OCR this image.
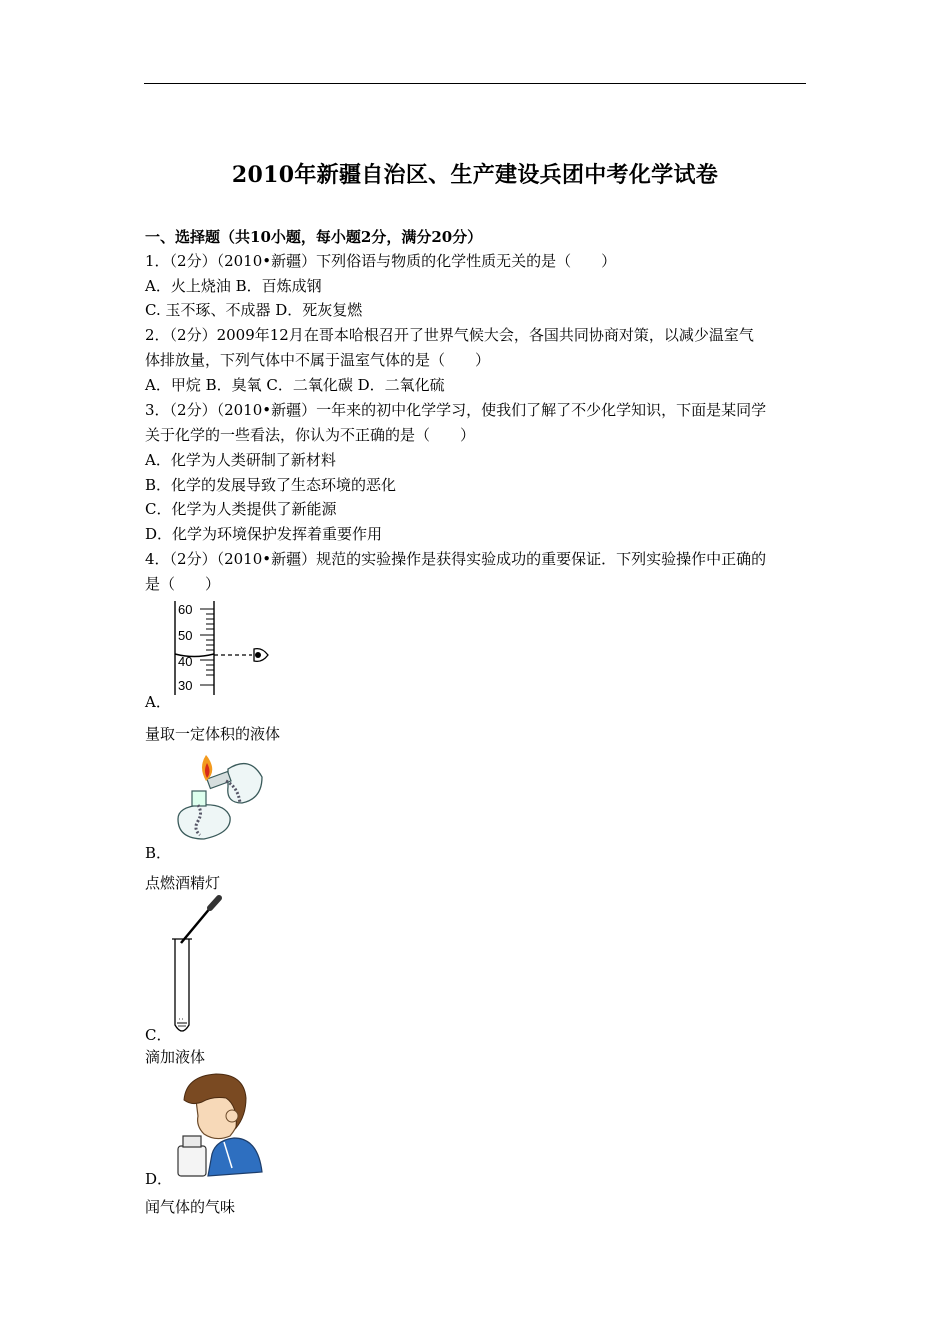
2010年新疆自治区、生产建设兵团中考化学试卷
一、选择题（共10小题，每小题2分，满分20分）
1．（2分）（2010•新疆）下列俗语与物质的化学性质无关的是（　　）
A．火上烧油 B．百炼成钢
C. 玉不琢、不成器 D．死灰复燃
2．（2分）2009年12月在哥本哈根召开了世界气候大会，各国共同协商对策，以减少温室气
体排放量，下列气体中不属于温室气体的是（　　）
A．甲烷 B．臭氧 C．二氧化碳 D．二氧化硫
3．（2分）（2010•新疆）一年来的初中化学学习，使我们了解了不少化学知识，下面是某同学
关于化学的一些看法，你认为不正确的是（　　）
A．化学为人类研制了新材料
B．化学的发展导致了生态环境的恶化
C．化学为人类提供了新能源
D．化学为环境保护发挥着重要作用
4．（2分）（2010•新疆）规范的实验操作是获得实验成功的重要保证．下列实验操作中正确的
是（　　）
60
50
40
30
A．
量取一定体积的液体
B．
点燃酒精灯
C．
滴加液体
D．
闻气体的气味
